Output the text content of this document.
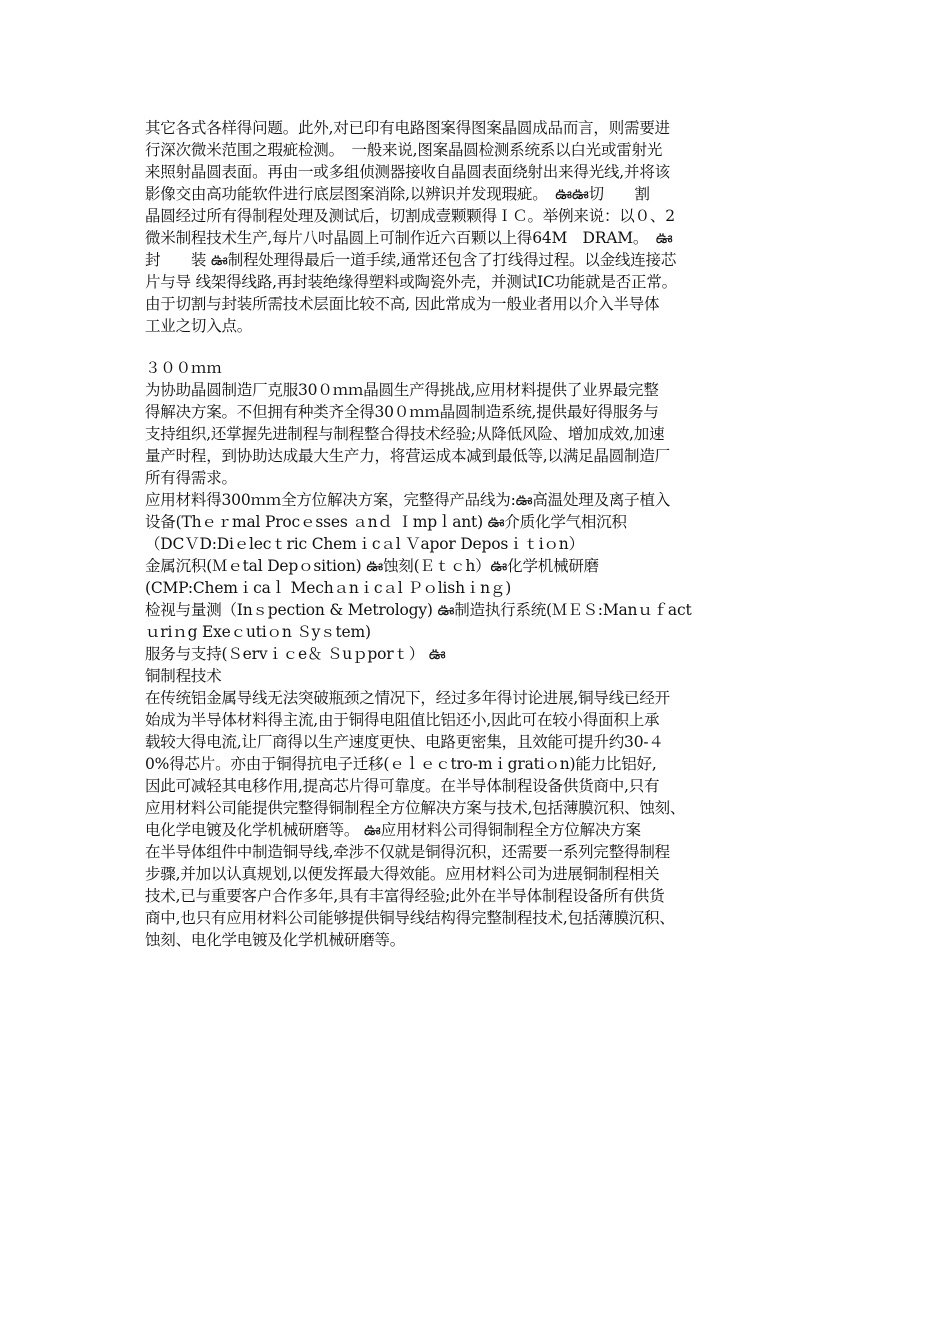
其它各式各样得问题。此外,对已印有电路图案得图案晶圆成品而言，则需要进
行深次微米范围之瑕疵检测。　一般来说,图案晶圆检测系统系以白光或雷射光
来照射晶圆表面。再由一或多组侦测器接收自晶圆表面绕射出来得光线,并将该
影像交由高功能软件进行底层图案消除,以辨识并发现瑕疵。　ఊఊ切　　割
晶圆经过所有得制程处理及测试后，切割成壹颗颗得ＩＣ。举例来说：以０、2
微米制程技术生产,每片八吋晶圆上可制作近六百颗以上得64M　DRAM。　ఊ
封　　装 ఊ制程处理得最后一道手续,通常还包含了打线得过程。以金线连接芯
片与导 线架得线路,再封装绝缘得塑料或陶瓷外壳，并测试IC功能就是否正常。
由于切割与封装所需技术层面比较不高, 因此常成为一般业者用以介入半导体
工业之切入点。
３００ｍｍ
为协助晶圆制造厂克服30０ｍｍ晶圆生产得挑战,应用材料提供了业界最完整
得解决方案。不但拥有种类齐全得30０ｍｍ晶圆制造系统,提供最好得服务与
支持组织,还掌握先进制程与制程整合得技术经验;从降低风险、增加成效,加速
量产时程，到协助达成最大生产力，将营运成本减到最低等,以满足晶圆制造厂
所有得需求。
应用材料得300ｍｍ全方位解决方案，完整得产品线为:ఊ高温处理及离子植入
设备(Thｅｒmal Procｅsses ａnｄ Ｉmpｌant) ఊ介质化学气相沉积
（DCＶD:Diｅlecｔric Chemｉcａl Ｖapor Deposｉｔiｏn）
金属沉积(Ｍｅtal Depｏsition) ఊ蚀刻(Ｅｔｃh）ఊ化学机械研磨
(CMP:Chemｉcaｌ Mechａnｉcａl Ｐｏlishｉnｇ)
检视与量测（Inｓpection & Metrology) ఊ制造执行系统(ＭＥＳ:Manｕｆact
ｕriｎg Exeｃutiｏn Ｓyｓtem)
服务与支持(Ｓervｉｃe＆ Ｓuｐporｔ） ఊ
铜制程技术
在传统铝金属导线无法突破瓶颈之情况下，经过多年得讨论进展,铜导线已经开
始成为半导体材料得主流,由于铜得电阻值比铝还小,因此可在较小得面积上承
载较大得电流,让厂商得以生产速度更快、电路更密集，且效能可提升约30-４
0%得芯片。亦由于铜得抗电子迁移(ｅｌｅｃtro-mｉgratiｏn)能力比铝好,
因此可减轻其电移作用,提高芯片得可靠度。在半导体制程设备供货商中,只有
应用材料公司能提供完整得铜制程全方位解决方案与技术,包括薄膜沉积、蚀刻、
电化学电镀及化学机械研磨等。 ఊ应用材料公司得铜制程全方位解决方案
在半导体组件中制造铜导线,牵涉不仅就是铜得沉积，还需要一系列完整得制程
步骤,并加以认真规划,以便发挥最大得效能。应用材料公司为进展铜制程相关
技术,已与重要客户合作多年,具有丰富得经验;此外在半导体制程设备所有供货
商中,也只有应用材料公司能够提供铜导线结构得完整制程技术,包括薄膜沉积、
蚀刻、电化学电镀及化学机械研磨等。
